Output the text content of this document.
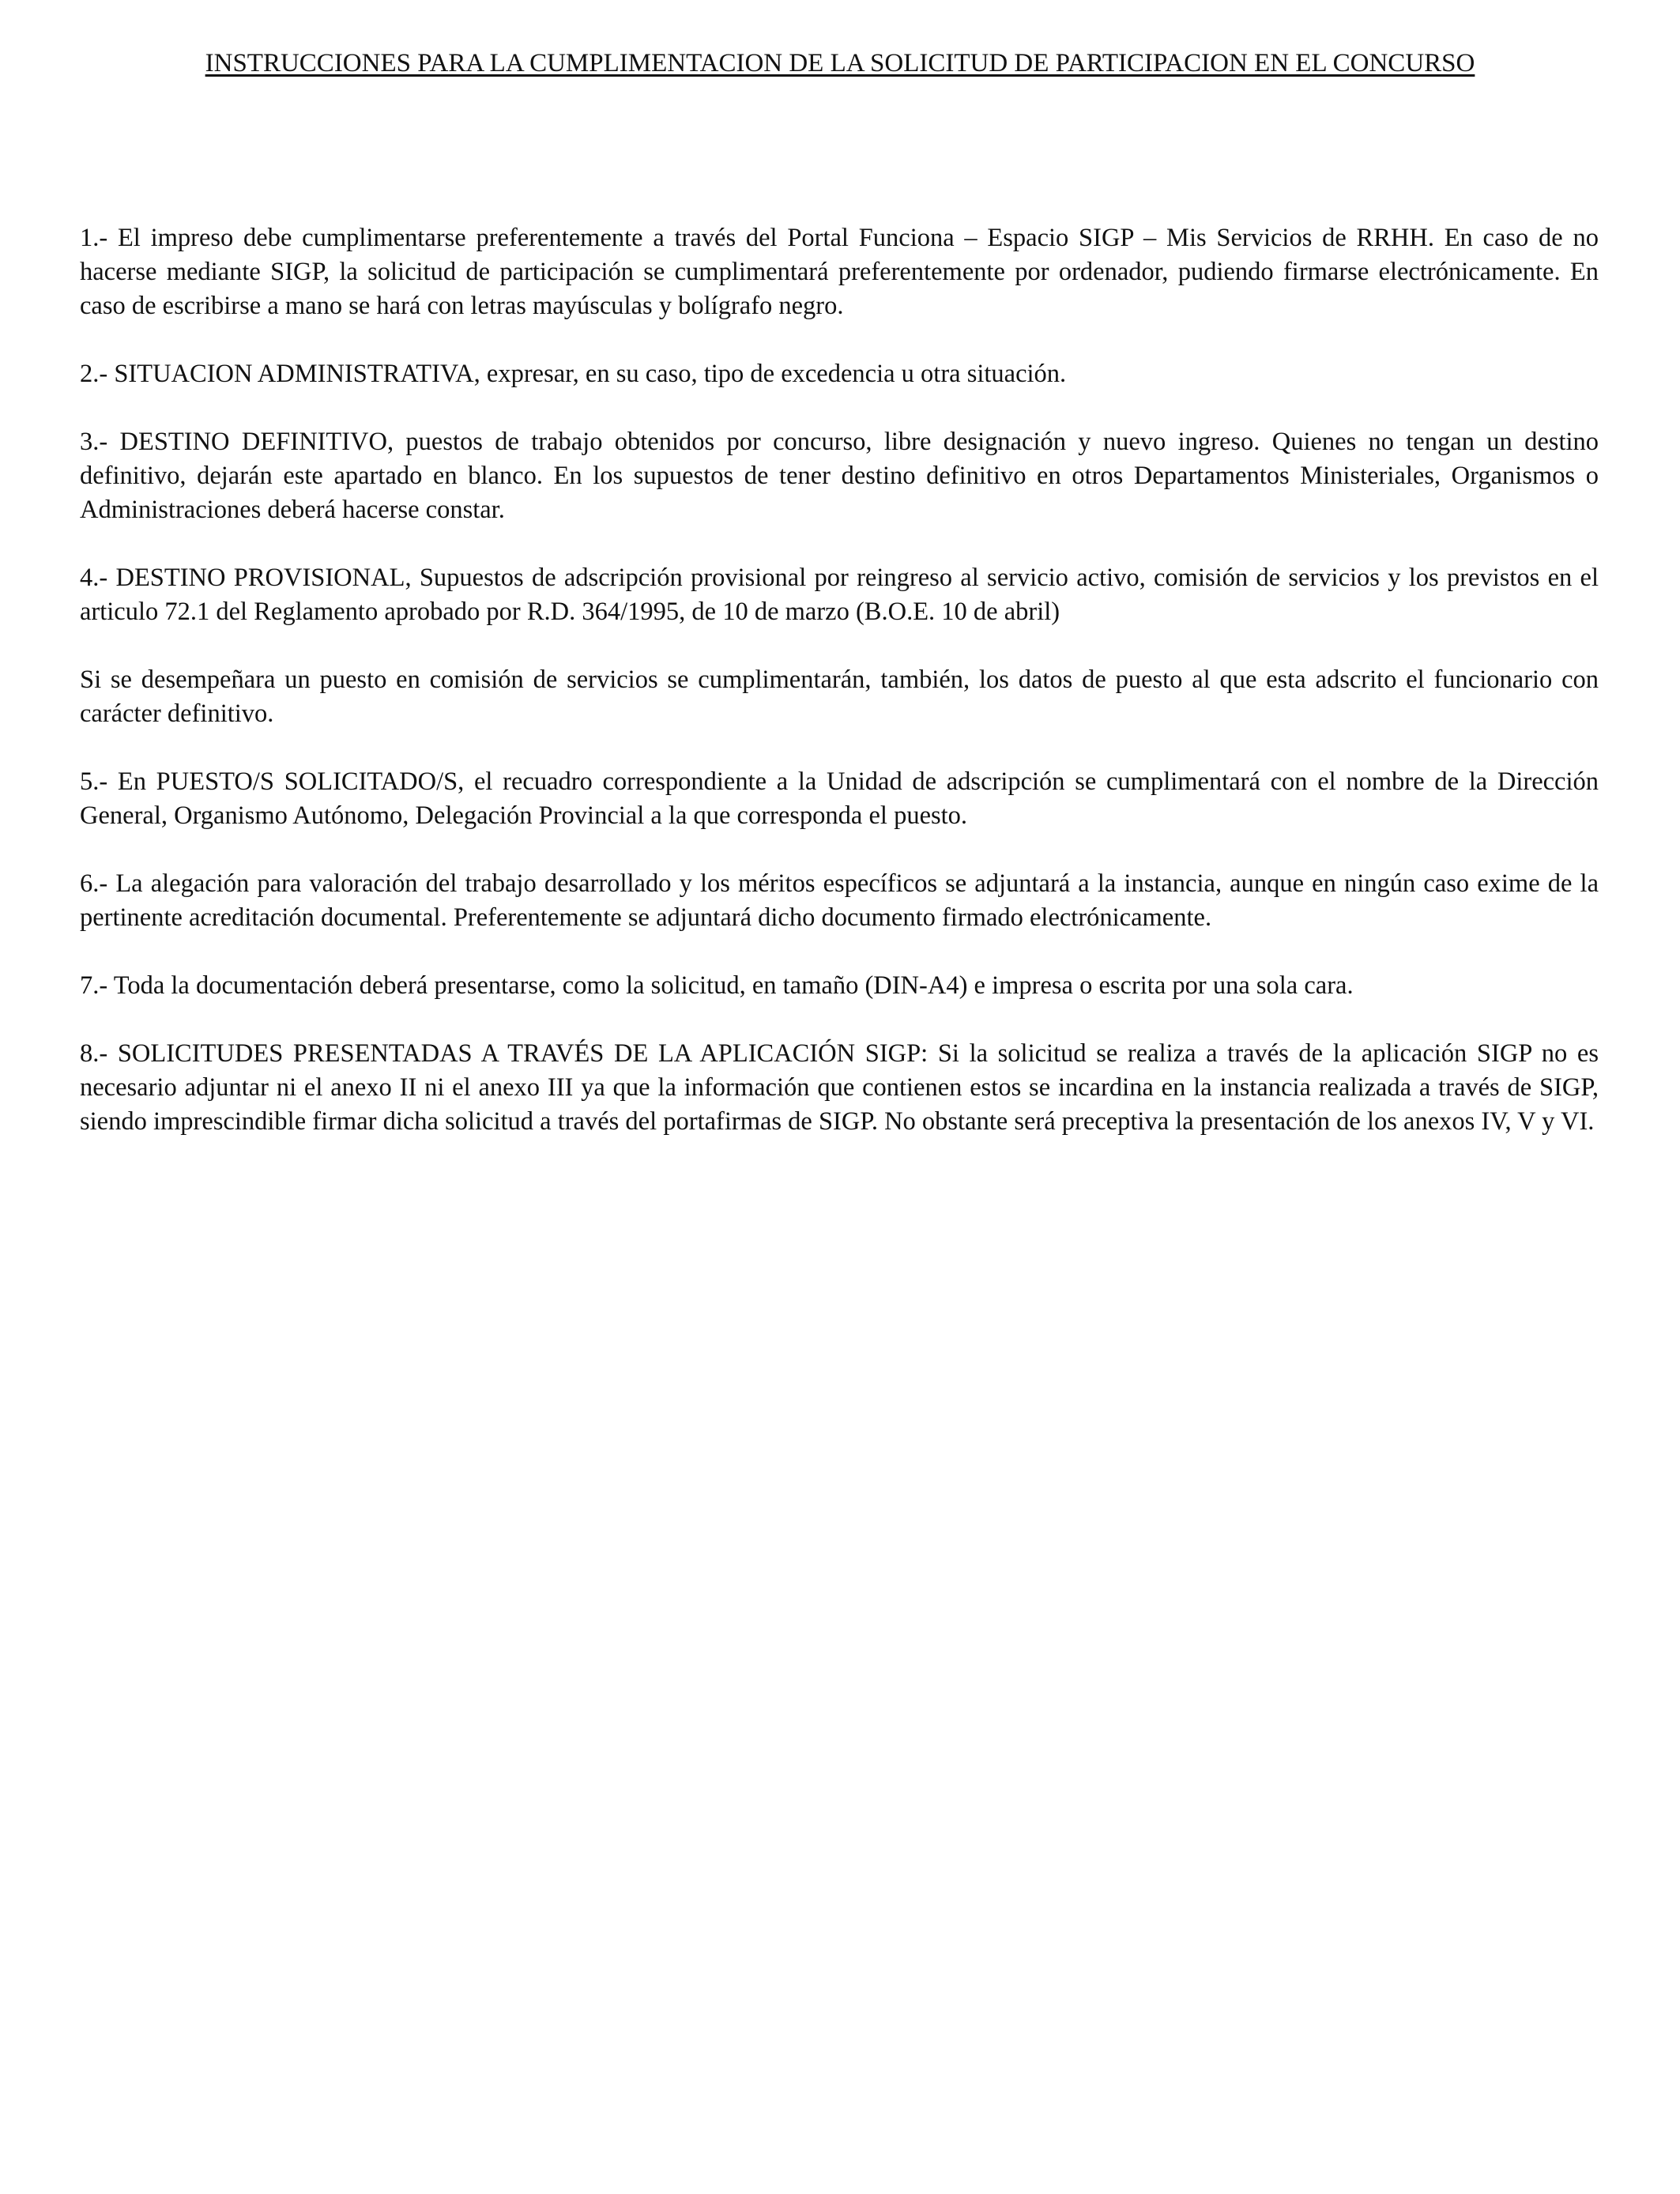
INSTRUCCIONES PARA LA CUMPLIMENTACION DE LA SOLICITUD DE PARTICIPACION EN EL CONCURSO

1.- El impreso debe cumplimentarse preferentemente a través del Portal Funciona – Espacio SIGP – Mis Servicios de RRHH. En caso de no hacerse mediante SIGP, la solicitud de participación se cumplimentará preferentemente por ordenador, pudiendo firmarse electrónicamente. En caso de escribirse a mano se hará con letras mayúsculas y bolígrafo negro.

2.- SITUACION ADMINISTRATIVA, expresar, en su caso, tipo de excedencia u otra situación.

3.- DESTINO DEFINITIVO, puestos de trabajo obtenidos por concurso, libre designación y nuevo ingreso. Quienes no tengan un destino definitivo, dejarán este apartado en blanco. En los supuestos de tener destino definitivo en otros Departamentos Ministeriales, Organismos o Administraciones deberá hacerse constar.

4.- DESTINO PROVISIONAL, Supuestos de adscripción provisional por reingreso al servicio activo, comisión de servicios y los previstos en el articulo 72.1 del Reglamento aprobado por R.D. 364/1995, de 10 de marzo (B.O.E. 10 de abril)

Si se desempeñara un puesto en comisión de servicios se cumplimentarán, también, los datos de puesto al que esta adscrito el funcionario con carácter definitivo.

5.- En PUESTO/S SOLICITADO/S, el recuadro correspondiente a la Unidad de adscripción se cumplimentará con el nombre de la Dirección General, Organismo Autónomo, Delegación Provincial a la que corresponda el puesto.

6.- La alegación para valoración del trabajo desarrollado y los méritos específicos se adjuntará a la instancia, aunque en ningún caso exime de la pertinente acreditación documental. Preferentemente se adjuntará dicho documento firmado electrónicamente.

7.- Toda la documentación deberá presentarse, como la solicitud, en tamaño (DIN-A4) e impresa o escrita por una sola cara.

8.- SOLICITUDES PRESENTADAS A TRAVÉS DE LA APLICACIÓN SIGP: Si la solicitud se realiza a través de la aplicación SIGP no es necesario adjuntar ni el anexo II ni el anexo III ya que la información que contienen estos se incardina en la instancia realizada a través de SIGP, siendo imprescindible firmar dicha solicitud a través del portafirmas de SIGP. No obstante será preceptiva la presentación de los anexos IV, V y VI.
